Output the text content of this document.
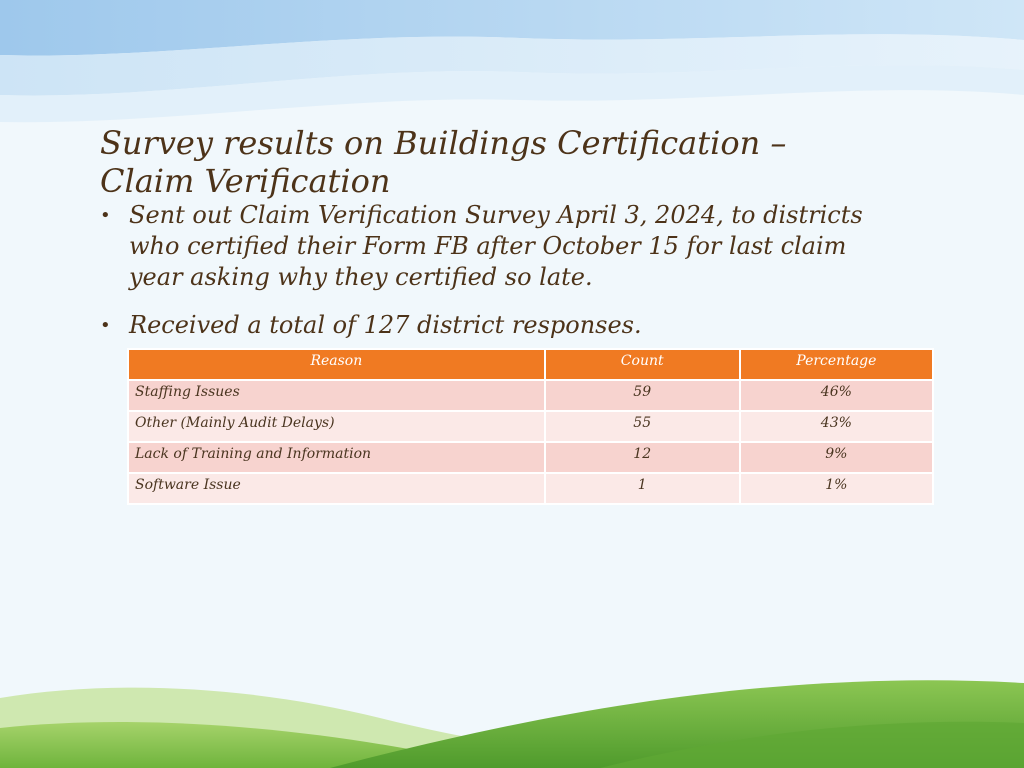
Survey results on Buildings Certification –
Claim Verification
• Sent out Claim Verification Survey April 3, 2024, to districts who certified their Form FB after October 15 for last claim year asking why they certified so late.
• Received a total of 127 district responses.
Reason	Count	Percentage
Staffing Issues	59	46%
Other (Mainly Audit Delays)	55	43%
Lack of Training and Information	12	9%
Software Issue	1	1%
